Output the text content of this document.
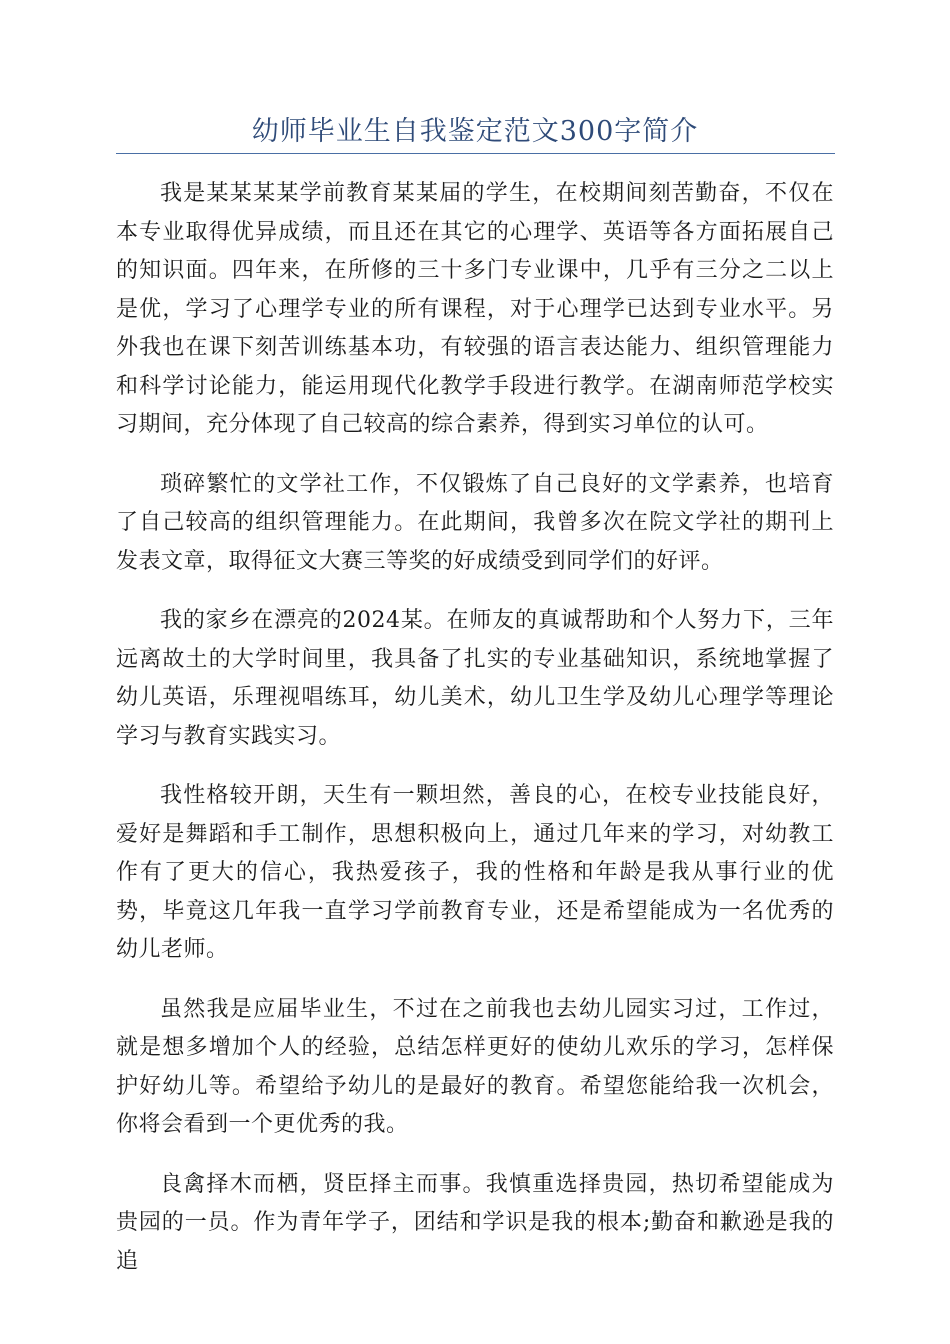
幼师毕业生自我鉴定范文300字简介

我是某某某某学前教育某某届的学生，在校期间刻苦勤奋，不仅在本专业取得优异成绩，而且还在其它的心理学、英语等各方面拓展自己的知识面。四年来，在所修的三十多门专业课中，几乎有三分之二以上是优，学习了心理学专业的所有课程，对于心理学已达到专业水平。另外我也在课下刻苦训练基本功，有较强的语言表达能力、组织管理能力和科学讨论能力，能运用现代化教学手段进行教学。在湖南师范学校实习期间，充分体现了自己较高的综合素养，得到实习单位的认可。

琐碎繁忙的文学社工作，不仅锻炼了自己良好的文学素养，也培育了自己较高的组织管理能力。在此期间，我曾多次在院文学社的期刊上发表文章，取得征文大赛三等奖的好成绩受到同学们的好评。

我的家乡在漂亮的2024某。在师友的真诚帮助和个人努力下，三年远离故土的大学时间里，我具备了扎实的专业基础知识，系统地掌握了幼儿英语，乐理视唱练耳，幼儿美术，幼儿卫生学及幼儿心理学等理论学习与教育实践实习。

我性格较开朗，天生有一颗坦然，善良的心，在校专业技能良好，爱好是舞蹈和手工制作，思想积极向上，通过几年来的学习，对幼教工作有了更大的信心，我热爱孩子，我的性格和年龄是我从事行业的优势，毕竟这几年我一直学习学前教育专业，还是希望能成为一名优秀的幼儿老师。

虽然我是应届毕业生，不过在之前我也去幼儿园实习过，工作过，就是想多增加个人的经验，总结怎样更好的使幼儿欢乐的学习，怎样保护好幼儿等。希望给予幼儿的是最好的教育。希望您能给我一次机会，你将会看到一个更优秀的我。

良禽择木而栖，贤臣择主而事。我慎重选择贵园，热切希望能成为贵园的一员。作为青年学子，团结和学识是我的根本;勤奋和歉逊是我的追
